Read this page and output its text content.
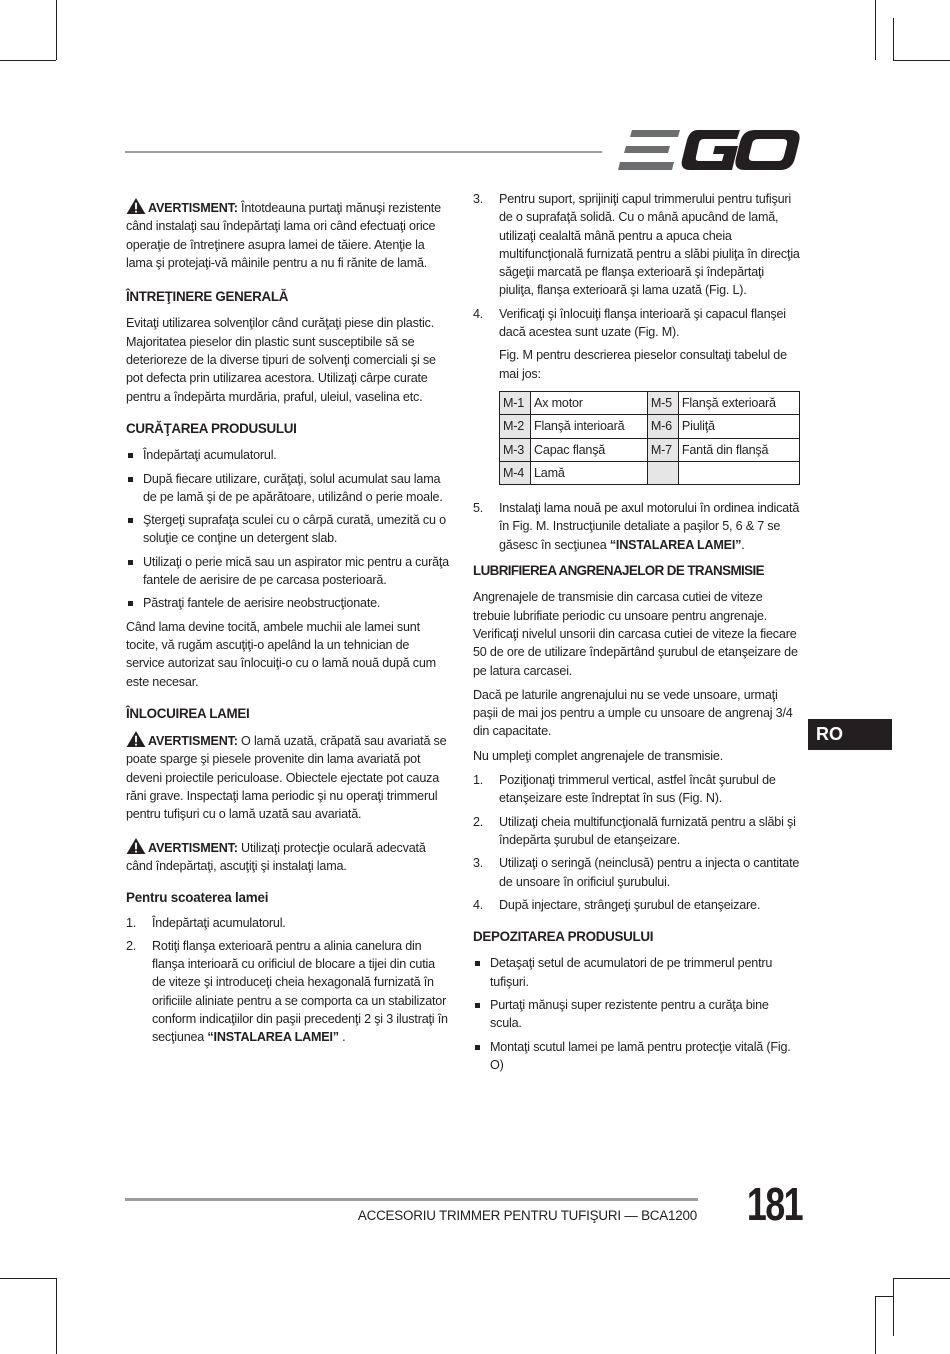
AVERTISMENT: Întotdeauna purtaţi mănuşi rezistente când instalaţi sau îndepărtaţi lama ori când efectuaţi orice operaţie de întreţinere asupra lamei de tăiere. Atenţie la lama şi protejaţi-vă mâinile pentru a nu fi rănite de lamă.

ÎNTREŢINERE GENERALĂ

Evitaţi utilizarea solvenţilor când curăţaţi piese din plastic. Majoritatea pieselor din plastic sunt susceptibile să se deterioreze de la diverse tipuri de solvenţi comerciali şi se pot defecta prin utilizarea acestora. Utilizaţi cârpe curate pentru a îndepărta murdăria, praful, uleiul, vaselina etc.

CURĂŢAREA PRODUSULUI
Îndepărtaţi acumulatorul.
După fiecare utilizare, curăţaţi, solul acumulat sau lama de pe lamă şi de pe apărătoare, utilizând o perie moale.
Ştergeţi suprafaţa sculei cu o cârpă curată, umezită cu o soluţie ce conţine un detergent slab.
Utilizaţi o perie mică sau un aspirator mic pentru a curăţa fantele de aerisire de pe carcasa posterioară.
Păstraţi fantele de aerisire neobstrucţionate.

Când lama devine tocită, ambele muchii ale lamei sunt tocite, vă rugăm ascuţiţi-o apelând la un tehnician de service autorizat sau înlocuiţi-o cu o lamă nouă după cum este necesar.

ÎNLOCUIREA LAMEI

AVERTISMENT: O lamă uzată, crăpată sau avariată se poate sparge şi piesele provenite din lama avariată pot deveni proiectile periculoase. Obiectele ejectate pot cauza răni grave. Inspectaţi lama periodic şi nu operaţi trimmerul pentru tufişuri cu o lamă uzată sau avariată.

AVERTISMENT: Utilizaţi protecţie oculară adecvată când îndepărtaţi, ascuţiţi şi instalaţi lama.

Pentru scoaterea lamei
1. Îndepărtaţi acumulatorul.
2. Rotiţi flanşa exterioară pentru a alinia canelura din flanşa interioară cu orificiul de blocare a tijei din cutia de viteze şi introduceţi cheia hexagonală furnizată în orificiile aliniate pentru a se comporta ca un stabilizator conform indicaţiilor din paşii precedenţi 2 şi 3 ilustraţi în secţiunea “INSTALAREA LAMEI” .
3. Pentru suport, sprijiniţi capul trimmerului pentru tufişuri de o suprafaţă solidă. Cu o mână apucând de lamă, utilizaţi cealaltă mână pentru a apuca cheia multifuncţională furnizată pentru a slăbi piuliţa în direcţia săgeţii marcată pe flanşa exterioară şi îndepărtaţi piuliţa, flanşa exterioară şi lama uzată (Fig. L).
4. Verificaţi şi înlocuiţi flanşa interioară şi capacul flanşei dacă acestea sunt uzate (Fig. M).

Fig. M pentru descrierea pieselor consultaţi tabelul de mai jos:

M-1	Ax motor	M-5	Flanşă exterioară
M-2	Flanşă interioară	M-6	Piuliţă
M-3	Capac flanşă	M-7	Fantă din flanşă
M-4	Lamă		
5. Instalaţi lama nouă pe axul motorului în ordinea indicată în Fig. M. Instrucţiunile detaliate a paşilor 5, 6 & 7 se găsesc în secţiunea “INSTALAREA LAMEI”.
LUBRIFIEREA ANGRENAJELOR DE TRANSMISIE

Angrenajele de transmisie din carcasa cutiei de viteze trebuie lubrifiate periodic cu unsoare pentru angrenaje. Verificaţi nivelul unsorii din carcasa cutiei de viteze la fiecare 50 de ore de utilizare îndepărtând şurubul de etanşeizare de pe latura carcasei.

Dacă pe laturile angrenajului nu se vede unsoare, urmaţi paşii de mai jos pentru a umple cu unsoare de angrenaj 3/4 din capacitate.

Nu umpleţi complet angrenajele de transmisie.

1. Poziţionaţi trimmerul vertical, astfel încât şurubul de etanşeizare este îndreptat în sus (Fig. N).
2. Utilizaţi cheia multifuncţională furnizată pentru a slăbi şi îndepărta şurubul de etanşeizare.
3. Utilizaţi o seringă (neinclusă) pentru a injecta o cantitate de unsoare în orificiul şurubului.
4. După injectare, strângeţi şurubul de etanşeizare.
DEPOZITAREA PRODUSULUI
Detaşaţi setul de acumulatori de pe trimmerul pentru tufişuri.
Purtaţi mănuşi super rezistente pentru a curăţa bine scula.
Montaţi scutul lamei pe lamă pentru protecţie vitală (Fig. O)
RO
ACCESORIU TRIMMER PENTRU TUFIŞURI — BCA1200	181
